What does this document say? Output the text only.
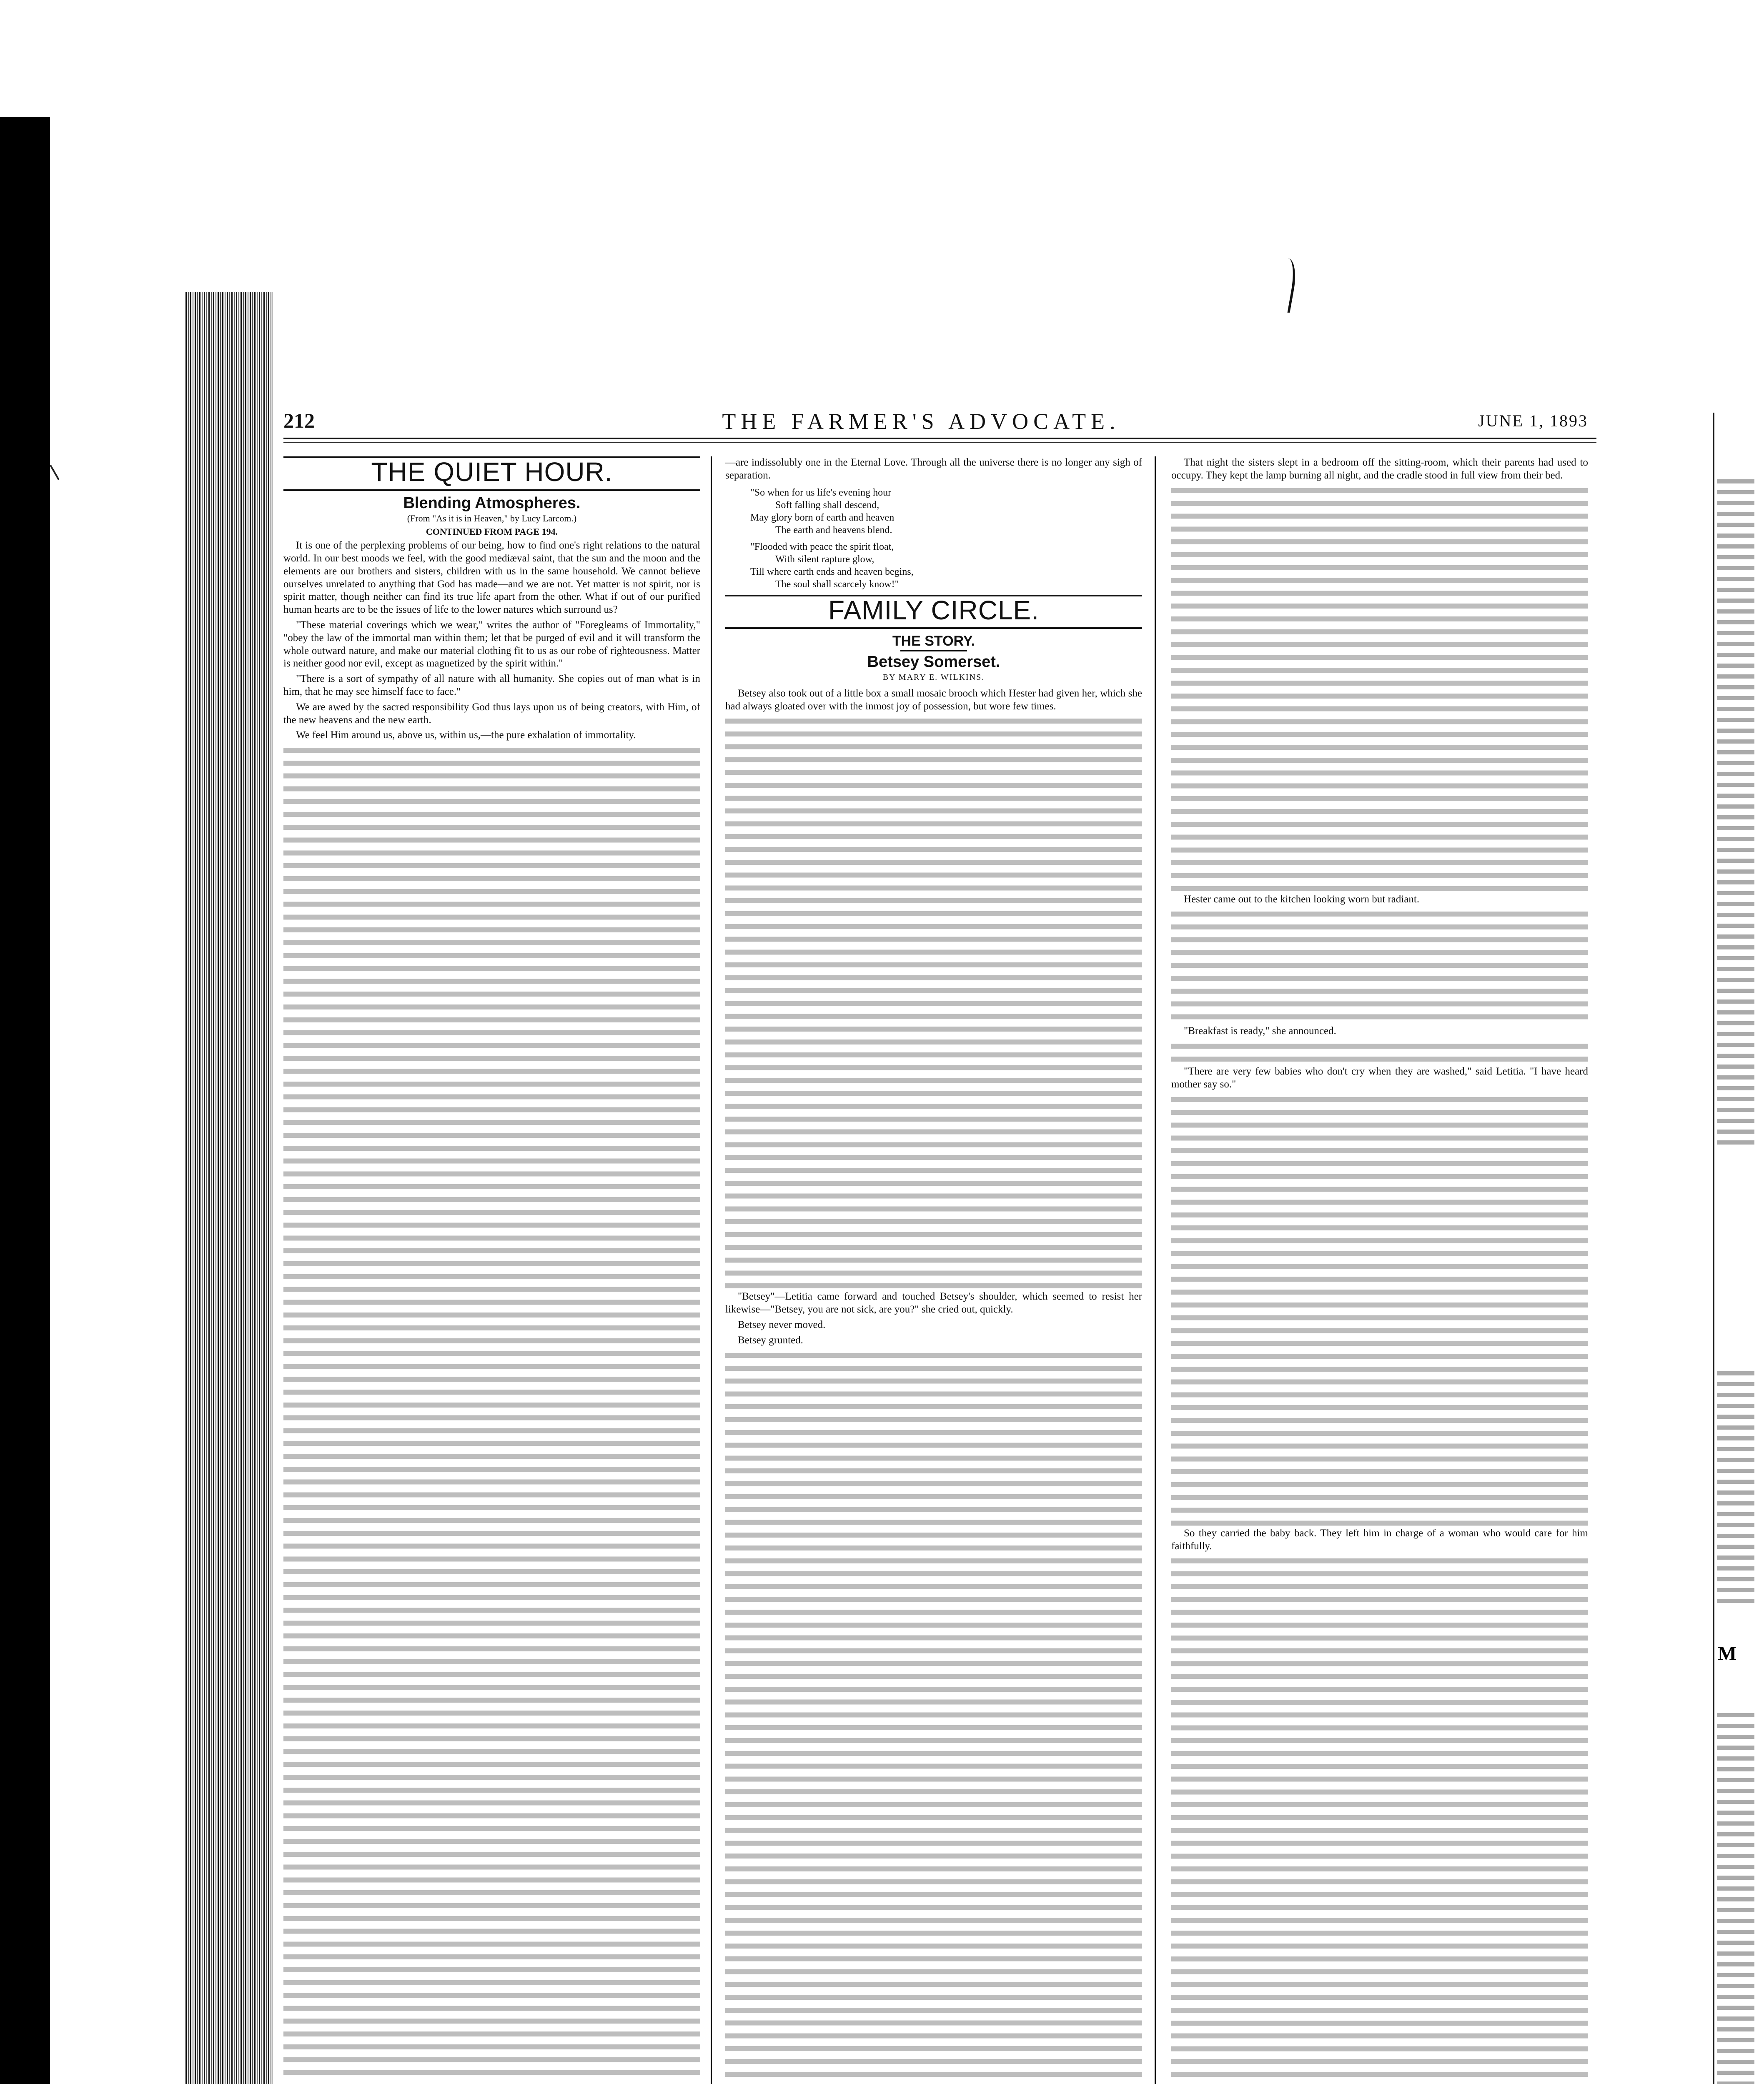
212	THE FARMER'S ADVOCATE.	JUNE 1, 1893
THE QUIET HOUR.
Blending Atmospheres.
(From "As it is in Heaven," by Lucy Larcom.)
CONTINUED FROM PAGE 194.

It is one of the perplexing problems of our being, how to find one's right relations to the natural world. In our best moods we feel, with the good mediæval saint, that the sun and the moon and the elements are our brothers and sisters, children with us in the same household. We cannot believe ourselves unrelated to anything that God has made—and we are not. Yet matter is not spirit, nor is spirit matter, though neither can find its true life apart from the other. What if out of our purified human hearts are to be the issues of life to the lower natures which surround us?

"These material coverings which we wear," writes the author of "Foregleams of Immortality," "obey the law of the immortal man within them; let that be purged of evil and it will transform the whole outward nature, and make our material clothing fit to us as our robe of righteousness. Matter is neither good nor evil, except as magnetized by the spirit within."

"There is a sort of sympathy of all nature with all humanity. She copies out of man what is in him, that he may see himself face to face."

We are awed by the sacred responsibility God thus lays upon us of being creators, with Him, of the new heavens and the new earth.

We feel Him around us, above us, within us,—the pure exhalation of immortality.

—are indissolubly one in the Eternal Love. Through all the universe there is no longer any sigh of separation.

"So when for us life's evening hour
Soft falling shall descend,
May glory born of earth and heaven
The earth and heavens blend.
"Flooded with peace the spirit float,
With silent rapture glow,
Till where earth ends and heaven begins,
The soul shall scarcely know!"
FAMILY CIRCLE.
THE STORY.
Betsey Somerset.
BY MARY E. WILKINS.

Betsey also took out of a little box a small mosaic brooch which Hester had given her, which she had always gloated over with the inmost joy of possession, but wore few times.

"Betsey"—Letitia came forward and touched Betsey's shoulder, which seemed to resist her likewise—"Betsey, you are not sick, are you?" she cried out, quickly.

Betsey never moved.

Betsey grunted.

That night the sisters slept in a bedroom off the sitting-room, which their parents had used to occupy. They kept the lamp burning all night, and the cradle stood in full view from their bed.

Hester came out to the kitchen looking worn but radiant.

"Breakfast is ready," she announced.

"There are very few babies who don't cry when they are washed," said Letitia. "I have heard mother say so."

So they carried the baby back. They left him in charge of a woman who would care for him faithfully.

M
